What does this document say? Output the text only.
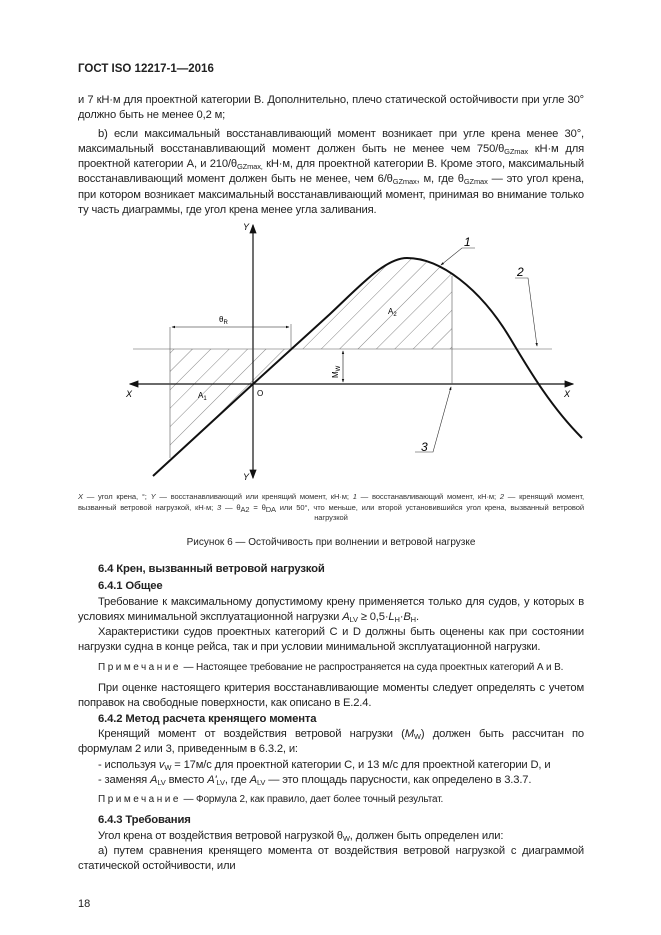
ГОСТ ISO 12217-1—2016

и 7 кН·м для проектной категории В. Дополнительно, плечо статической остойчивости при угле 30° должно быть не менее 0,2 м;

b) если максимальный восстанавливающий момент возникает при угле крена менее 30°, максимальный восстанавливающий момент должен быть не менее чем $750/\theta_{GZmax}$ кН·м для проектной категории А, и $210/\theta_{GZmax,}$ кН·м, для проектной категории В. Кроме этого, максимальный восстанавливающий момент должен быть не менее, чем $6/\theta_{GZmax}$, м, где $\theta_{GZmax}$ — это угол крена, при котором возникает максимальный восстанавливающий момент, принимая во внимание только ту часть диаграммы, где угол крена менее угла заливания.

X	X
Y
Y
O
$\theta_R$
$M_W$
$A_1$
$A_2$
1
2
3
X — угол крена, °; Y — восстанавливающий или кренящий момент, кН·м; 1 — восстанавливающий момент, кН·м; 2 — кренящий момент, вызванный ветровой нагрузкой, кН·м; 3 — $\theta_{A2} = \theta_{DA}$ или 50°, что меньше, или второй установившийся угол крена, вызванный ветровой нагрузкой
Рисунок 6 — Остойчивость при волнении и ветровой нагрузке
6.4 Крен, вызванный ветровой нагрузкой
6.4.1 Общее

Требование к максимальному допустимому крену применяется только для судов, у которых в условиях минимальной эксплуатационной нагрузки $A_{LV} \ge 0,5\cdot L_H\cdot B_H$.

Характеристики судов проектных категорий С и D должны быть оценены как при состоянии нагрузки судна в конце рейса, так и при условии минимальной эксплуатационной нагрузки.

Примечание — Настоящее требование не распространяется на суда проектных категорий А и В.

При оценке настоящего критерия восстанавливающие моменты следует определять с учетом поправок на свободные поверхности, как описано в Е.2.4.

6.4.2 Метод расчета кренящего момента

Кренящий момент от воздействия ветровой нагрузки $(M_W)$ должен быть рассчитан по формулам 2 или 3, приведенным в 6.3.2, и:

- используя $v_W = 17м/с$ для проектной категории С, и 13 м/с для проектной категории D, и

- заменяя $A_{LV}$ вместо $A'_{LV}$, где $A_{LV}$ — это площадь парусности, как определено в 3.3.7.

Примечание — Формула 2, как правило, дает более точный результат.
6.4.3 Требования

Угол крена от воздействия ветровой нагрузкой $\theta_W$, должен быть определен или:

а) путем сравнения кренящего момента от воздействия ветровой нагрузкой с диаграммой статической остойчивости, или

18
